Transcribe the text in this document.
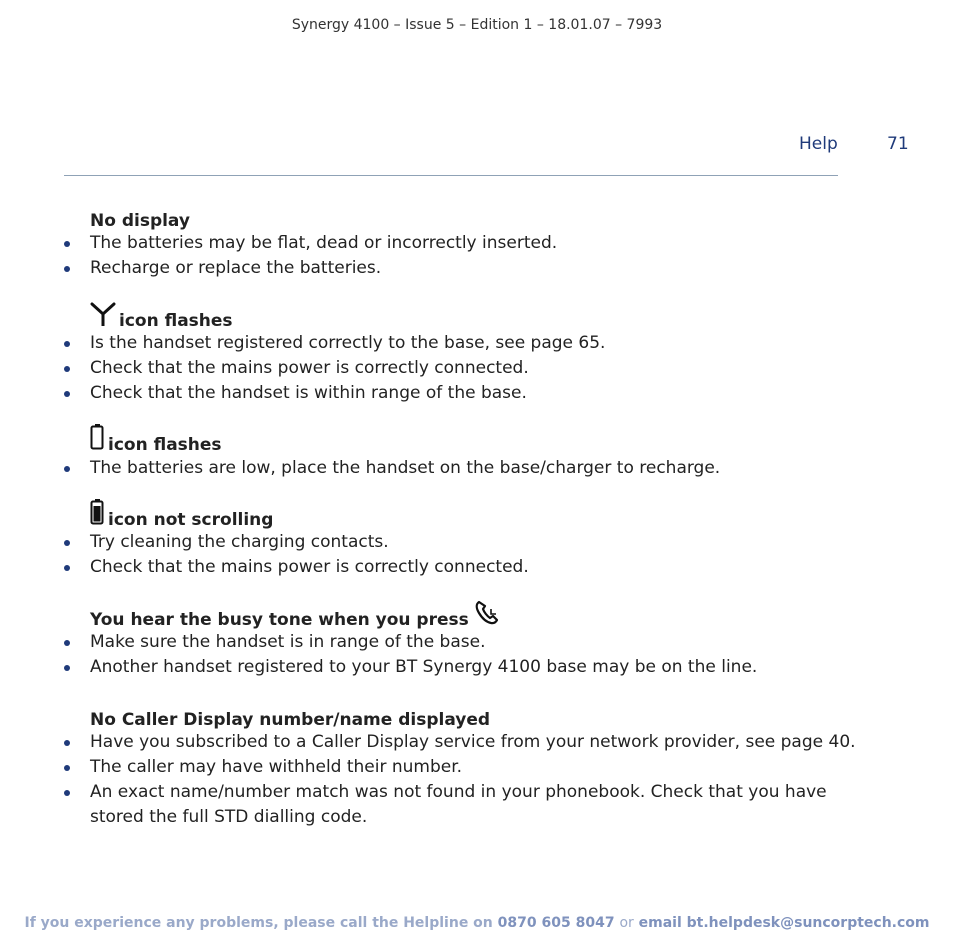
Synergy 4100 – Issue 5 – Edition 1 – 18.01.07 – 7993
Help	71
No display
The batteries may be flat, dead or incorrectly inserted.
Recharge or replace the batteries.
icon flashes
Is the handset registered correctly to the base, see page 65.
Check that the mains power is correctly connected.
Check that the handset is within range of the base.
icon flashes
The batteries are low, place the handset on the base/charger to recharge.
icon not scrolling
Try cleaning the charging contacts.
Check that the mains power is correctly connected.
You hear the busy tone when you press
Make sure the handset is in range of the base.
Another handset registered to your BT Synergy 4100 base may be on the line.
No Caller Display number/name displayed
Have you subscribed to a Caller Display service from your network provider, see page 40.
The caller may have withheld their number.
An exact name/number match was not found in your phonebook. Check that you have stored the full STD dialling code.
If you experience any problems, please call the Helpline on 0870 605 8047 or email bt.helpdesk@suncorptech.com
